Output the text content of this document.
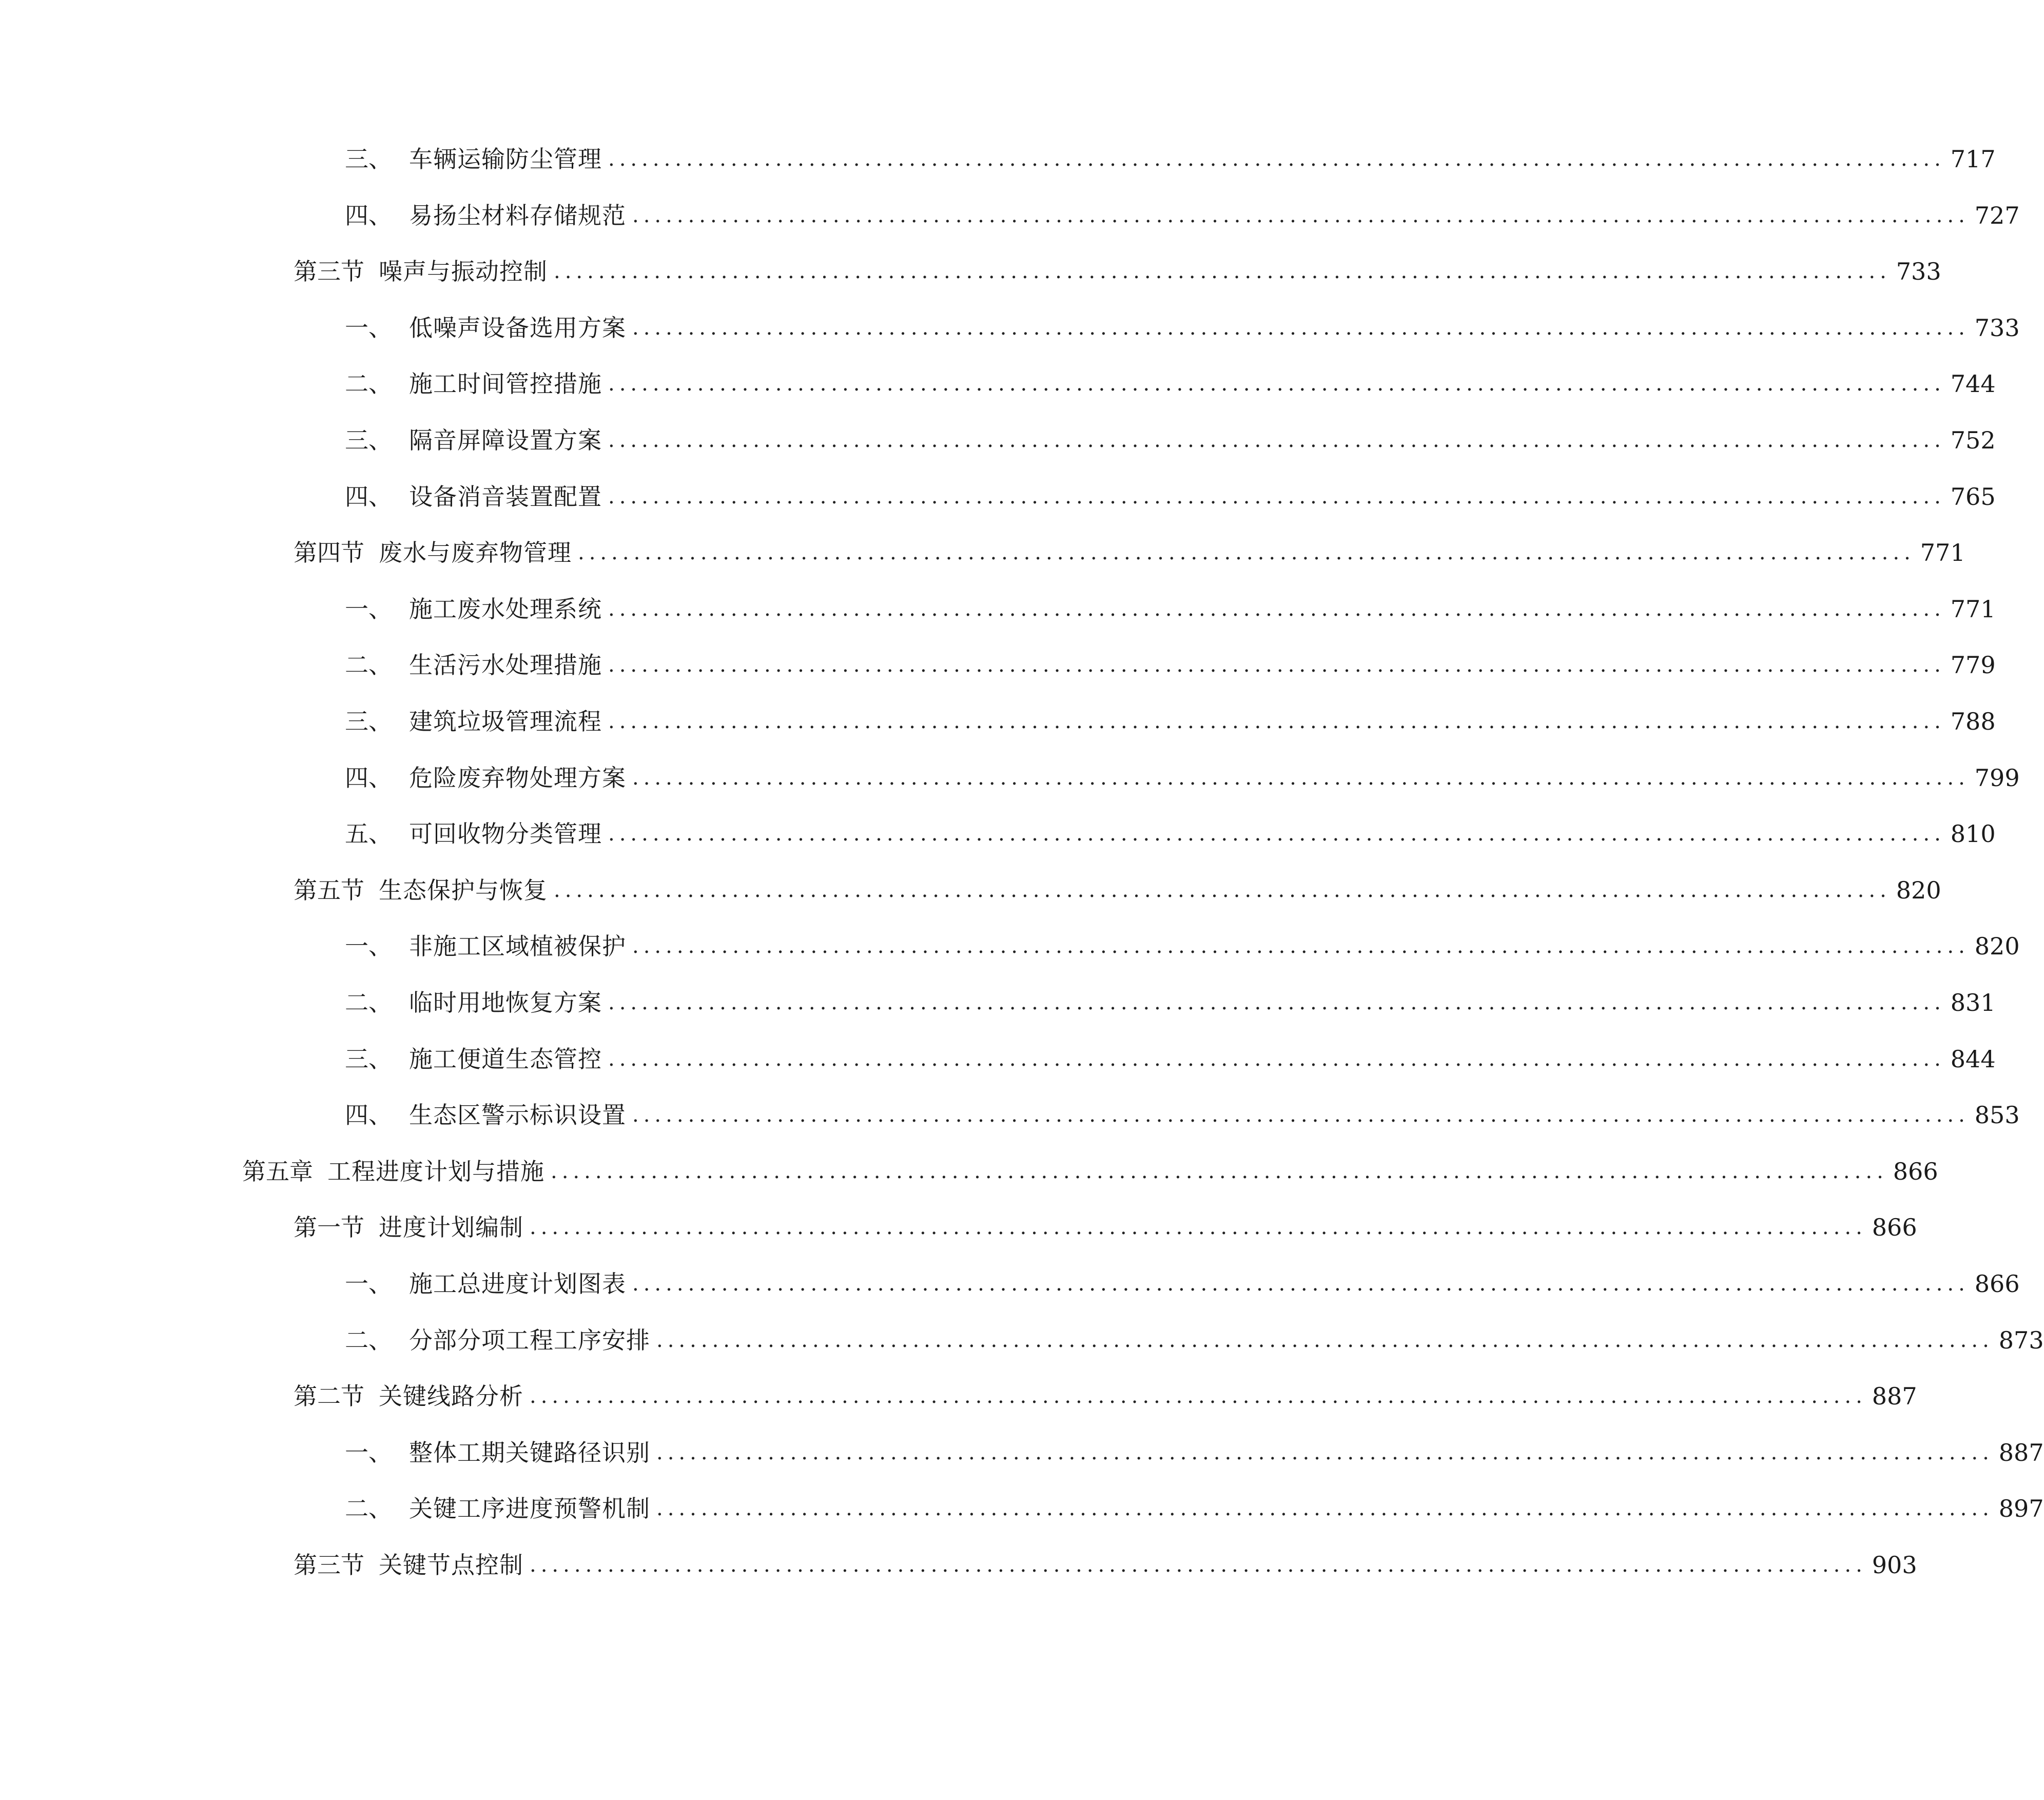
三、 车辆运输防尘管理 ........................................................................................................................ 717
四、 易扬尘材料存储规范 ........................................................................................................................ 727
第三节 噪声与振动控制 ........................................................................................................................ 733
一、 低噪声设备选用方案 ........................................................................................................................ 733
二、 施工时间管控措施 ........................................................................................................................ 744
三、 隔音屏障设置方案 ........................................................................................................................ 752
四、 设备消音装置配置 ........................................................................................................................ 765
第四节 废水与废弃物管理 ........................................................................................................................ 771
一、 施工废水处理系统 ........................................................................................................................ 771
二、 生活污水处理措施 ........................................................................................................................ 779
三、 建筑垃圾管理流程 ........................................................................................................................ 788
四、 危险废弃物处理方案 ........................................................................................................................ 799
五、 可回收物分类管理 ........................................................................................................................ 810
第五节 生态保护与恢复 ........................................................................................................................ 820
一、 非施工区域植被保护 ........................................................................................................................ 820
二、 临时用地恢复方案 ........................................................................................................................ 831
三、 施工便道生态管控 ........................................................................................................................ 844
四、 生态区警示标识设置 ........................................................................................................................ 853
第五章 工程进度计划与措施 ........................................................................................................................ 866
第一节 进度计划编制 ........................................................................................................................ 866
一、 施工总进度计划图表 ........................................................................................................................ 866
二、 分部分项工程工序安排 ........................................................................................................................ 873
第二节 关键线路分析 ........................................................................................................................ 887
一、 整体工期关键路径识别 ........................................................................................................................ 887
二、 关键工序进度预警机制 ........................................................................................................................ 897
第三节 关键节点控制 ........................................................................................................................ 903
